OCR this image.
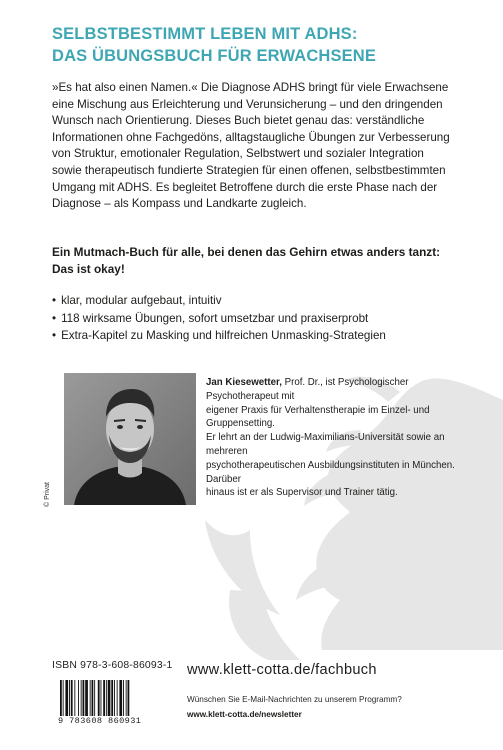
SELBSTBESTIMMT LEBEN MIT ADHS:
DAS ÜBUNGSBUCH FÜR ERWACHSENE

»Es hat also einen Namen.« Die Diagnose ADHS bringt für viele Erwachsene
eine Mischung aus Erleichterung und Verunsicherung – und den dringenden
Wunsch nach Orientierung. Dieses Buch bietet genau das: verständliche
Informationen ohne Fachgedöns, alltagstaugliche Übungen zur Verbesserung
von Struktur, emotionaler Regulation, Selbstwert und sozialer Integration
sowie therapeutisch fundierte Strategien für einen offenen, selbstbestimmten
Umgang mit ADHS. Es begleitet Betroffene durch die erste Phase nach der
Diagnose – als Kompass und Landkarte zugleich.

Ein Mutmach-Buch für alle, bei denen das Gehirn etwas anders tanzt:
Das ist okay!

• klar, modular aufgebaut, intuitiv
• 118 wirksame Übungen, sofort umsetzbar und praxiserprobt
• Extra-Kapitel zu Masking und hilfreichen Unmasking-Strategien
© Privat

Jan Kiesewetter, Prof. Dr., ist Psychologischer Psychotherapeut mit
eigener Praxis für Verhaltenstherapie im Einzel- und Gruppensetting.
Er lehrt an der Ludwig-Maximilians-Universität sowie an mehreren
psychotherapeutischen Ausbildungsinstituten in München. Darüber
hinaus ist er als Supervisor und Trainer tätig.

ISBN 978-3-608-86093-1
9 783608 860931
www.klett-cotta.de/fachbuch
Wünschen Sie E-Mail-Nachrichten zu unserem Programm?
www.klett-cotta.de/newsletter
